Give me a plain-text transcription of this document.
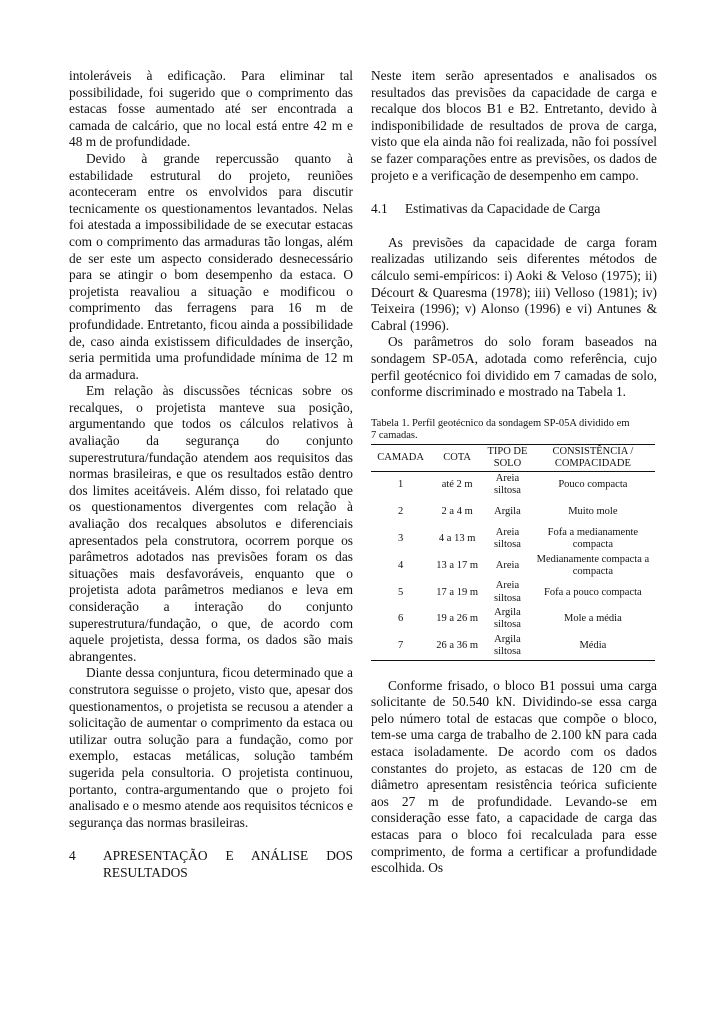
intoleráveis à edificação. Para eliminar tal possibilidade, foi sugerido que o comprimento das estacas fosse aumentado até ser encontrada a camada de calcário, que no local está entre 42 m e 48 m de profundidade.

Devido à grande repercussão quanto à estabilidade estrutural do projeto, reuniões aconteceram entre os envolvidos para discutir tecnicamente os questionamentos levantados. Nelas foi atestada a impossibilidade de se executar estacas com o comprimento das armaduras tão longas, além de ser este um aspecto considerado desnecessário para se atingir o bom desempenho da estaca. O projetista reavaliou a situação e modificou o comprimento das ferragens para 16 m de profundidade. Entretanto, ficou ainda a possibilidade de, caso ainda existissem dificuldades de inserção, seria permitida uma profundidade mínima de 12 m da armadura.

Em relação às discussões técnicas sobre os recalques, o projetista manteve sua posição, argumentando que todos os cálculos relativos à avaliação da segurança do conjunto superestrutura/fundação atendem aos requisitos das normas brasileiras, e que os resultados estão dentro dos limites aceitáveis. Além disso, foi relatado que os questionamentos divergentes com relação à avaliação dos recalques absolutos e diferenciais apresentados pela construtora, ocorrem porque os parâmetros adotados nas previsões foram os das situações mais desfavoráveis, enquanto que o projetista adota parâmetros medianos e leva em consideração a interação do conjunto superestrutura/fundação, o que, de acordo com aquele projetista, dessa forma, os dados são mais abrangentes.

Diante dessa conjuntura, ficou determinado que a construtora seguisse o projeto, visto que, apesar dos questionamentos, o projetista se recusou a atender a solicitação de aumentar o comprimento da estaca ou utilizar outra solução para a fundação, como por exemplo, estacas metálicas, solução também sugerida pela consultoria. O projetista continuou, portanto, contra-argumentando que o projeto foi analisado e o mesmo atende aos requisitos técnicos e segurança das normas brasileiras.

4	APRESENTAÇÃO E ANÁLISE DOS RESULTADOS

Neste item serão apresentados e analisados os resultados das previsões da capacidade de carga e recalque dos blocos B1 e B2. Entretanto, devido à indisponibilidade de resultados de prova de carga, visto que ela ainda não foi realizada, não foi possível se fazer comparações entre as previsões, os dados de projeto e a verificação de desempenho em campo.

4.1	Estimativas da Capacidade de Carga

As previsões da capacidade de carga foram realizadas utilizando seis diferentes métodos de cálculo semi-empíricos: i) Aoki & Veloso (1975); ii) Décourt & Quaresma (1978); iii) Velloso (1981); iv) Teixeira (1996); v) Alonso (1996) e vi) Antunes & Cabral (1996).

Os parâmetros do solo foram baseados na sondagem SP-05A, adotada como referência, cujo perfil geotécnico foi dividido em 7 camadas de solo, conforme discriminado e mostrado na Tabela 1.

Tabela 1. Perfil geotécnico da sondagem SP-05A dividido em 7 camadas.
CAMADA	COTA	TIPO DE SOLO	CONSISTÊNCIA / COMPACIDADE
1	até 2 m	Areia siltosa	Pouco compacta
2	2 a 4 m	Argila	Muito mole
3	4 a 13 m	Areia siltosa	Fofa a medianamente compacta
4	13 a 17 m	Areia	Medianamente compacta a compacta
5	17 a 19 m	Areia siltosa	Fofa a pouco compacta
6	19 a 26 m	Argila siltosa	Mole a média
7	26 a 36 m	Argila siltosa	Média

Conforme frisado, o bloco B1 possui uma carga solicitante de 50.540 kN. Dividindo-se essa carga pelo número total de estacas que compõe o bloco, tem-se uma carga de trabalho de 2.100 kN para cada estaca isoladamente. De acordo com os dados constantes do projeto, as estacas de 120 cm de diâmetro apresentam resistência teórica suficiente aos 27 m de profundidade. Levando-se em consideração esse fato, a capacidade de carga das estacas para o bloco foi recalculada para esse comprimento, de forma a certificar a profundidade escolhida. Os
